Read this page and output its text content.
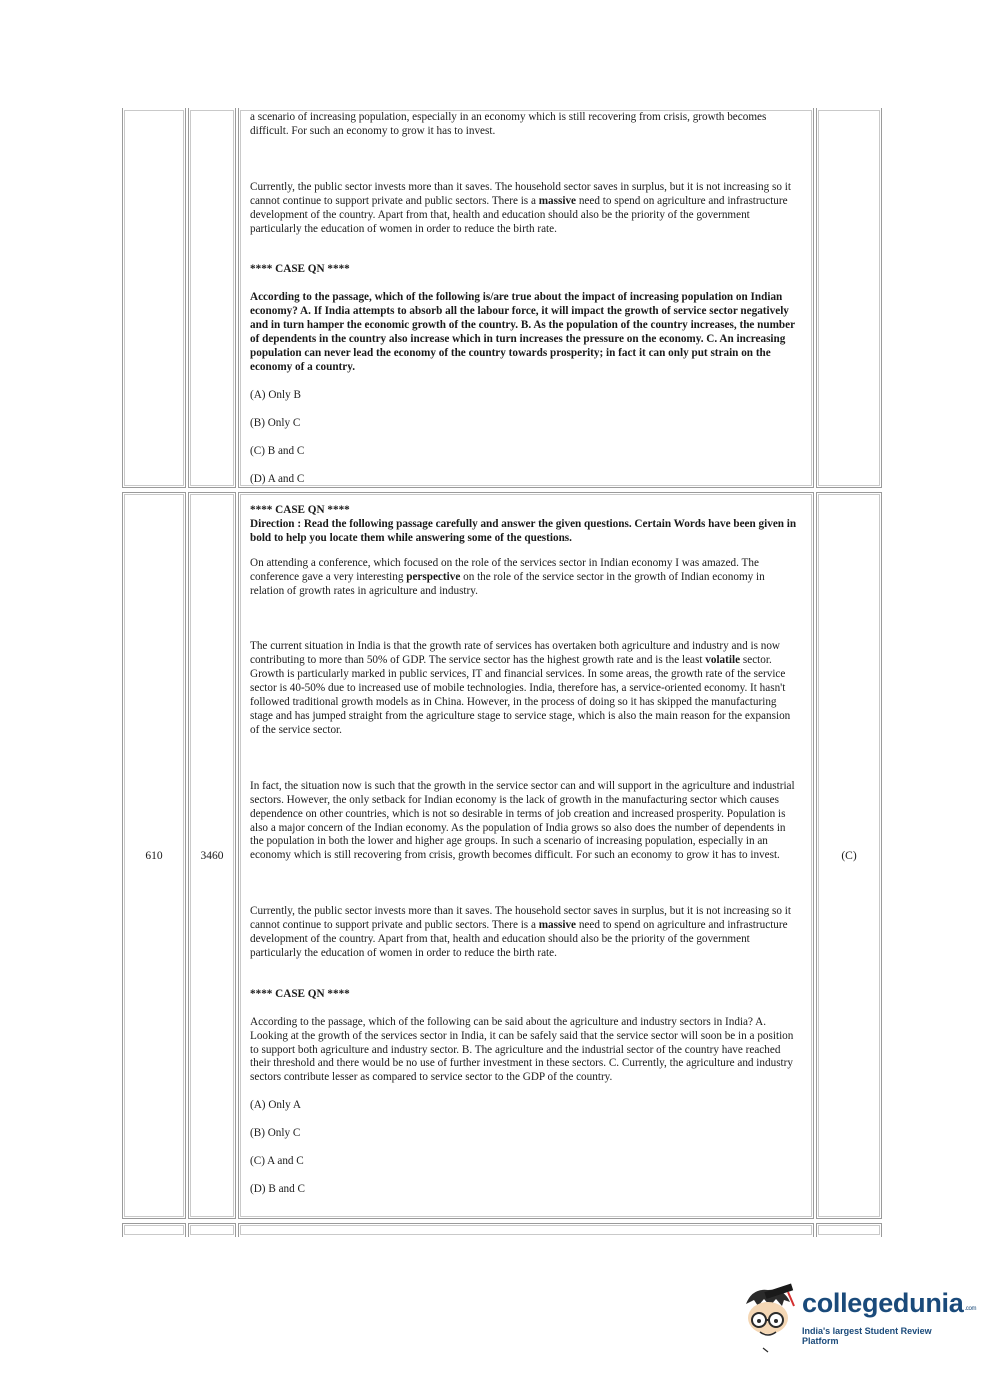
a scenario of increasing population, especially in an economy which is still recovering from crisis, growth becomes difficult. For such an economy to grow it has to invest.

Currently, the public sector invests more than it saves. The household sector saves in surplus, but it is not increasing so it cannot continue to support private and public sectors. There is a massive need to spend on agriculture and infrastructure development of the country. Apart from that, health and education should also be the priority of the government particularly the education of women in order to reduce the birth rate.

**** CASE QN ****

According to the passage, which of the following is/are true about the impact of increasing population on Indian economy? A. If India attempts to absorb all the labour force, it will impact the growth of service sector negatively and in turn hamper the economic growth of the country. B. As the population of the country increases, the number of dependents in the country also increase which in turn increases the pressure on the economy. C. An increasing population can never lead the economy of the country towards prosperity; in fact it can only put strain on the economy of a country.

(A) Only B

(B) Only C

(C) B and C

(D) A and C

610	3460

**** CASE QN ****

Direction : Read the following passage carefully and answer the given questions. Certain Words have been given in bold to help you locate them while answering some of the questions.

On attending a conference, which focused on the role of the services sector in Indian economy I was amazed. The conference gave a very interesting perspective on the role of the service sector in the growth of Indian economy in relation of growth rates in agriculture and industry.

The current situation in India is that the growth rate of services has overtaken both agriculture and industry and is now contributing to more than 50% of GDP. The service sector has the highest growth rate and is the least volatile sector. Growth is particularly marked in public services, IT and financial services. In some areas, the growth rate of the service sector is 40-50% due to increased use of mobile technologies. India, therefore has, a service-oriented economy. It hasn't followed traditional growth models as in China. However, in the process of doing so it has skipped the manufacturing stage and has jumped straight from the agriculture stage to service stage, which is also the main reason for the expansion of the service sector.

In fact, the situation now is such that the growth in the service sector can and will support in the agriculture and industrial sectors. However, the only setback for Indian economy is the lack of growth in the manufacturing sector which causes dependence on other countries, which is not so desirable in terms of job creation and increased prosperity. Population is also a major concern of the Indian economy. As the population of India grows so also does the number of dependents in the population in both the lower and higher age groups. In such a scenario of increasing population, especially in an economy which is still recovering from crisis, growth becomes difficult. For such an economy to grow it has to invest.

Currently, the public sector invests more than it saves. The household sector saves in surplus, but it is not increasing so it cannot continue to support private and public sectors. There is a massive need to spend on agriculture and infrastructure development of the country. Apart from that, health and education should also be the priority of the government particularly the education of women in order to reduce the birth rate.

**** CASE QN ****

According to the passage, which of the following can be said about the agriculture and industry sectors in India? A. Looking at the growth of the services sector in India, it can be safely said that the service sector will soon be in a position to support both agriculture and industry sector. B. The agriculture and the industrial sector of the country have reached their threshold and there would be no use of further investment in these sectors. C. Currently, the agriculture and industry sectors contribute lesser as compared to service sector to the GDP of the country.

(A) Only A

(B) Only C

(C) A and C

(D) B and C

(C)
collegedunia.com
India's largest Student Review Platform
